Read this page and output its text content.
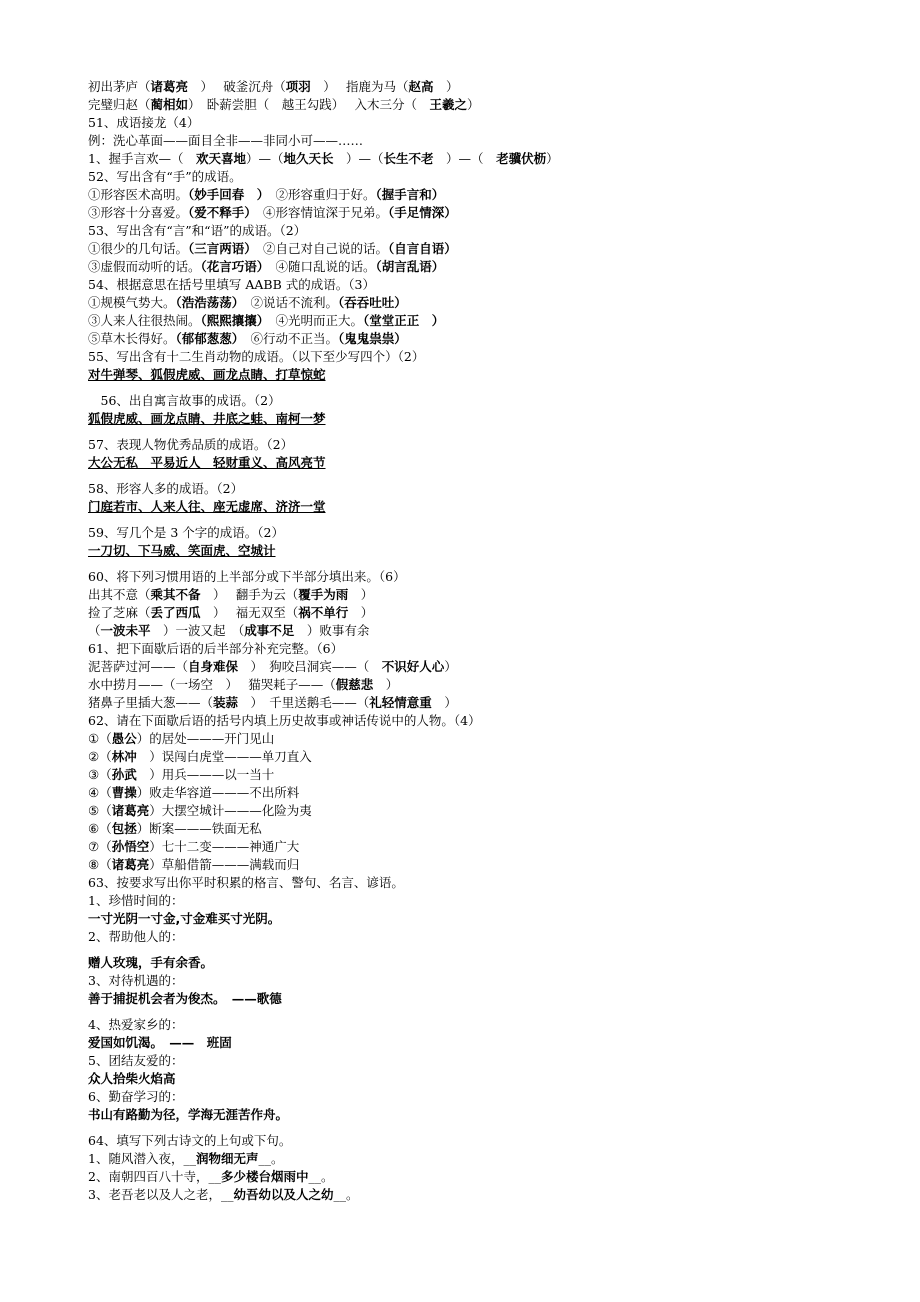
初出茅庐（诸葛亮　）　 破釜沉舟（项羽　）　 指鹿为马（赵高　）
完璧归赵（蔺相如）　卧薪尝胆（　越王勾践）　 入木三分（　王羲之）
51、成语接龙（4）
例：洗心革面——面目全非——非同小可——……
1、握手言欢—（　欢天喜地）—（地久天长　）—（长生不老　）—（　老骥伏枥）
52、写出含有“手”的成语。
①形容医术高明。（妙手回春　）　②形容重归于好。（握手言和）
③形容十分喜爱。（爱不释手）　④形容情谊深于兄弟。（手足情深）
53、写出含有“言”和“语”的成语。（2）
①很少的几句话。（三言两语）　②自己对自己说的话。（自言自语）
③虚假而动听的话。（花言巧语）　④随口乱说的话。（胡言乱语）
54、根据意思在括号里填写 AABB 式的成语。（3）
①规模气势大。（浩浩荡荡）　②说话不流利。（吞吞吐吐）
③人来人往很热闹。（熙熙攘攘）　④光明而正大。（堂堂正正　）
⑤草木长得好。（郁郁葱葱）　⑥行动不正当。（鬼鬼祟祟）
55、写出含有十二生肖动物的成语。（以下至少写四个）（2）
对牛弹琴、狐假虎威、画龙点睛、打草惊蛇
　56、出自寓言故事的成语。（2）
狐假虎威、画龙点睛、井底之蛙、南柯一梦
57、表现人物优秀品质的成语。（2）
大公无私　平易近人　轻财重义、高风亮节
58、形容人多的成语。（2）
门庭若市、人来人往、座无虚席、济济一堂
59、写几个是 3 个字的成语。（2）
一刀切、下马威、笑面虎、空城计
60、将下列习惯用语的上半部分或下半部分填出来。（6）
出其不意（乘其不备　）　 翻手为云（覆手为雨　）
捡了芝麻（丢了西瓜　）　 福无双至（祸不单行　）
（一波未平　）一波又起　（成事不足　）败事有余
61、把下面歇后语的后半部分补充完整。（6）
泥菩萨过河——（自身难保　）　狗咬吕洞宾——（　不识好人心）
水中捞月——（一场空　）　 猫哭耗子——（假慈悲　）
猪鼻子里插大葱——（装蒜　）　千里送鹅毛——（礼轻情意重　）
62、请在下面歇后语的括号内填上历史故事或神话传说中的人物。（4）
①（愚公）的居处———开门见山
②（林冲　）误闯白虎堂———单刀直入
③（孙武　）用兵———以一当十
④（曹操）败走华容道———不出所料
⑤（诸葛亮）大摆空城计———化险为夷
⑥（包拯）断案———铁面无私
⑦（孙悟空）七十二变———神通广大
⑧（诸葛亮）草船借箭———满载而归
63、按要求写出你平时积累的格言、警句、名言、谚语。
1、珍惜时间的：
一寸光阴一寸金,寸金难买寸光阴。
2、帮助他人的：
赠人玫瑰，手有余香。
3、对待机遇的：
善于捕捉机会者为俊杰。　——歌德
4、热爱家乡的：
爱国如饥渴。　——　班固
5、团结友爱的：
众人拾柴火焰高
6、勤奋学习的：
书山有路勤为径，学海无涯苦作舟。
64、填写下列古诗文的上句或下句。
1、随风潜入夜，__润物细无声__。
2、南朝四百八十寺，__多少楼台烟雨中__。
3、老吾老以及人之老，__幼吾幼以及人之幼__。
